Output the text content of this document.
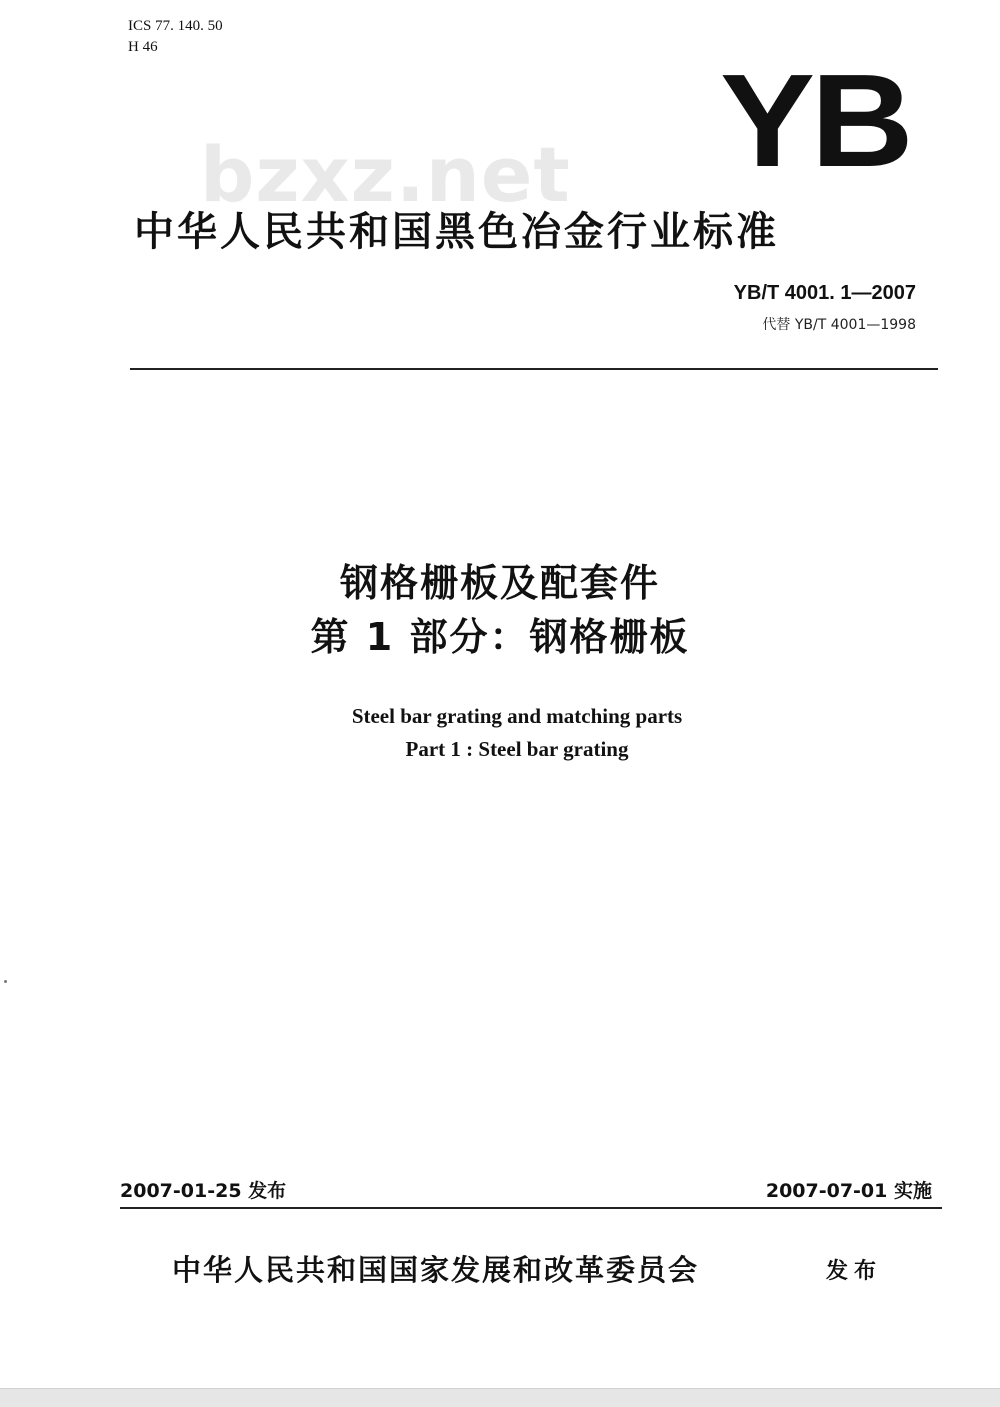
ICS 77. 140. 50
H 46
bzxz.net YB
中华人民共和国黑色冶金行业标准
YB/T 4001. 1—2007
代替 YB/T 4001—1998
钢格栅板及配套件
第 1 部分：钢格栅板
Steel bar grating and matching parts
Part 1 : Steel bar grating
2007-01-25 发布	2007-07-01 实施
中华人民共和国国家发展和改革委员会	发布
